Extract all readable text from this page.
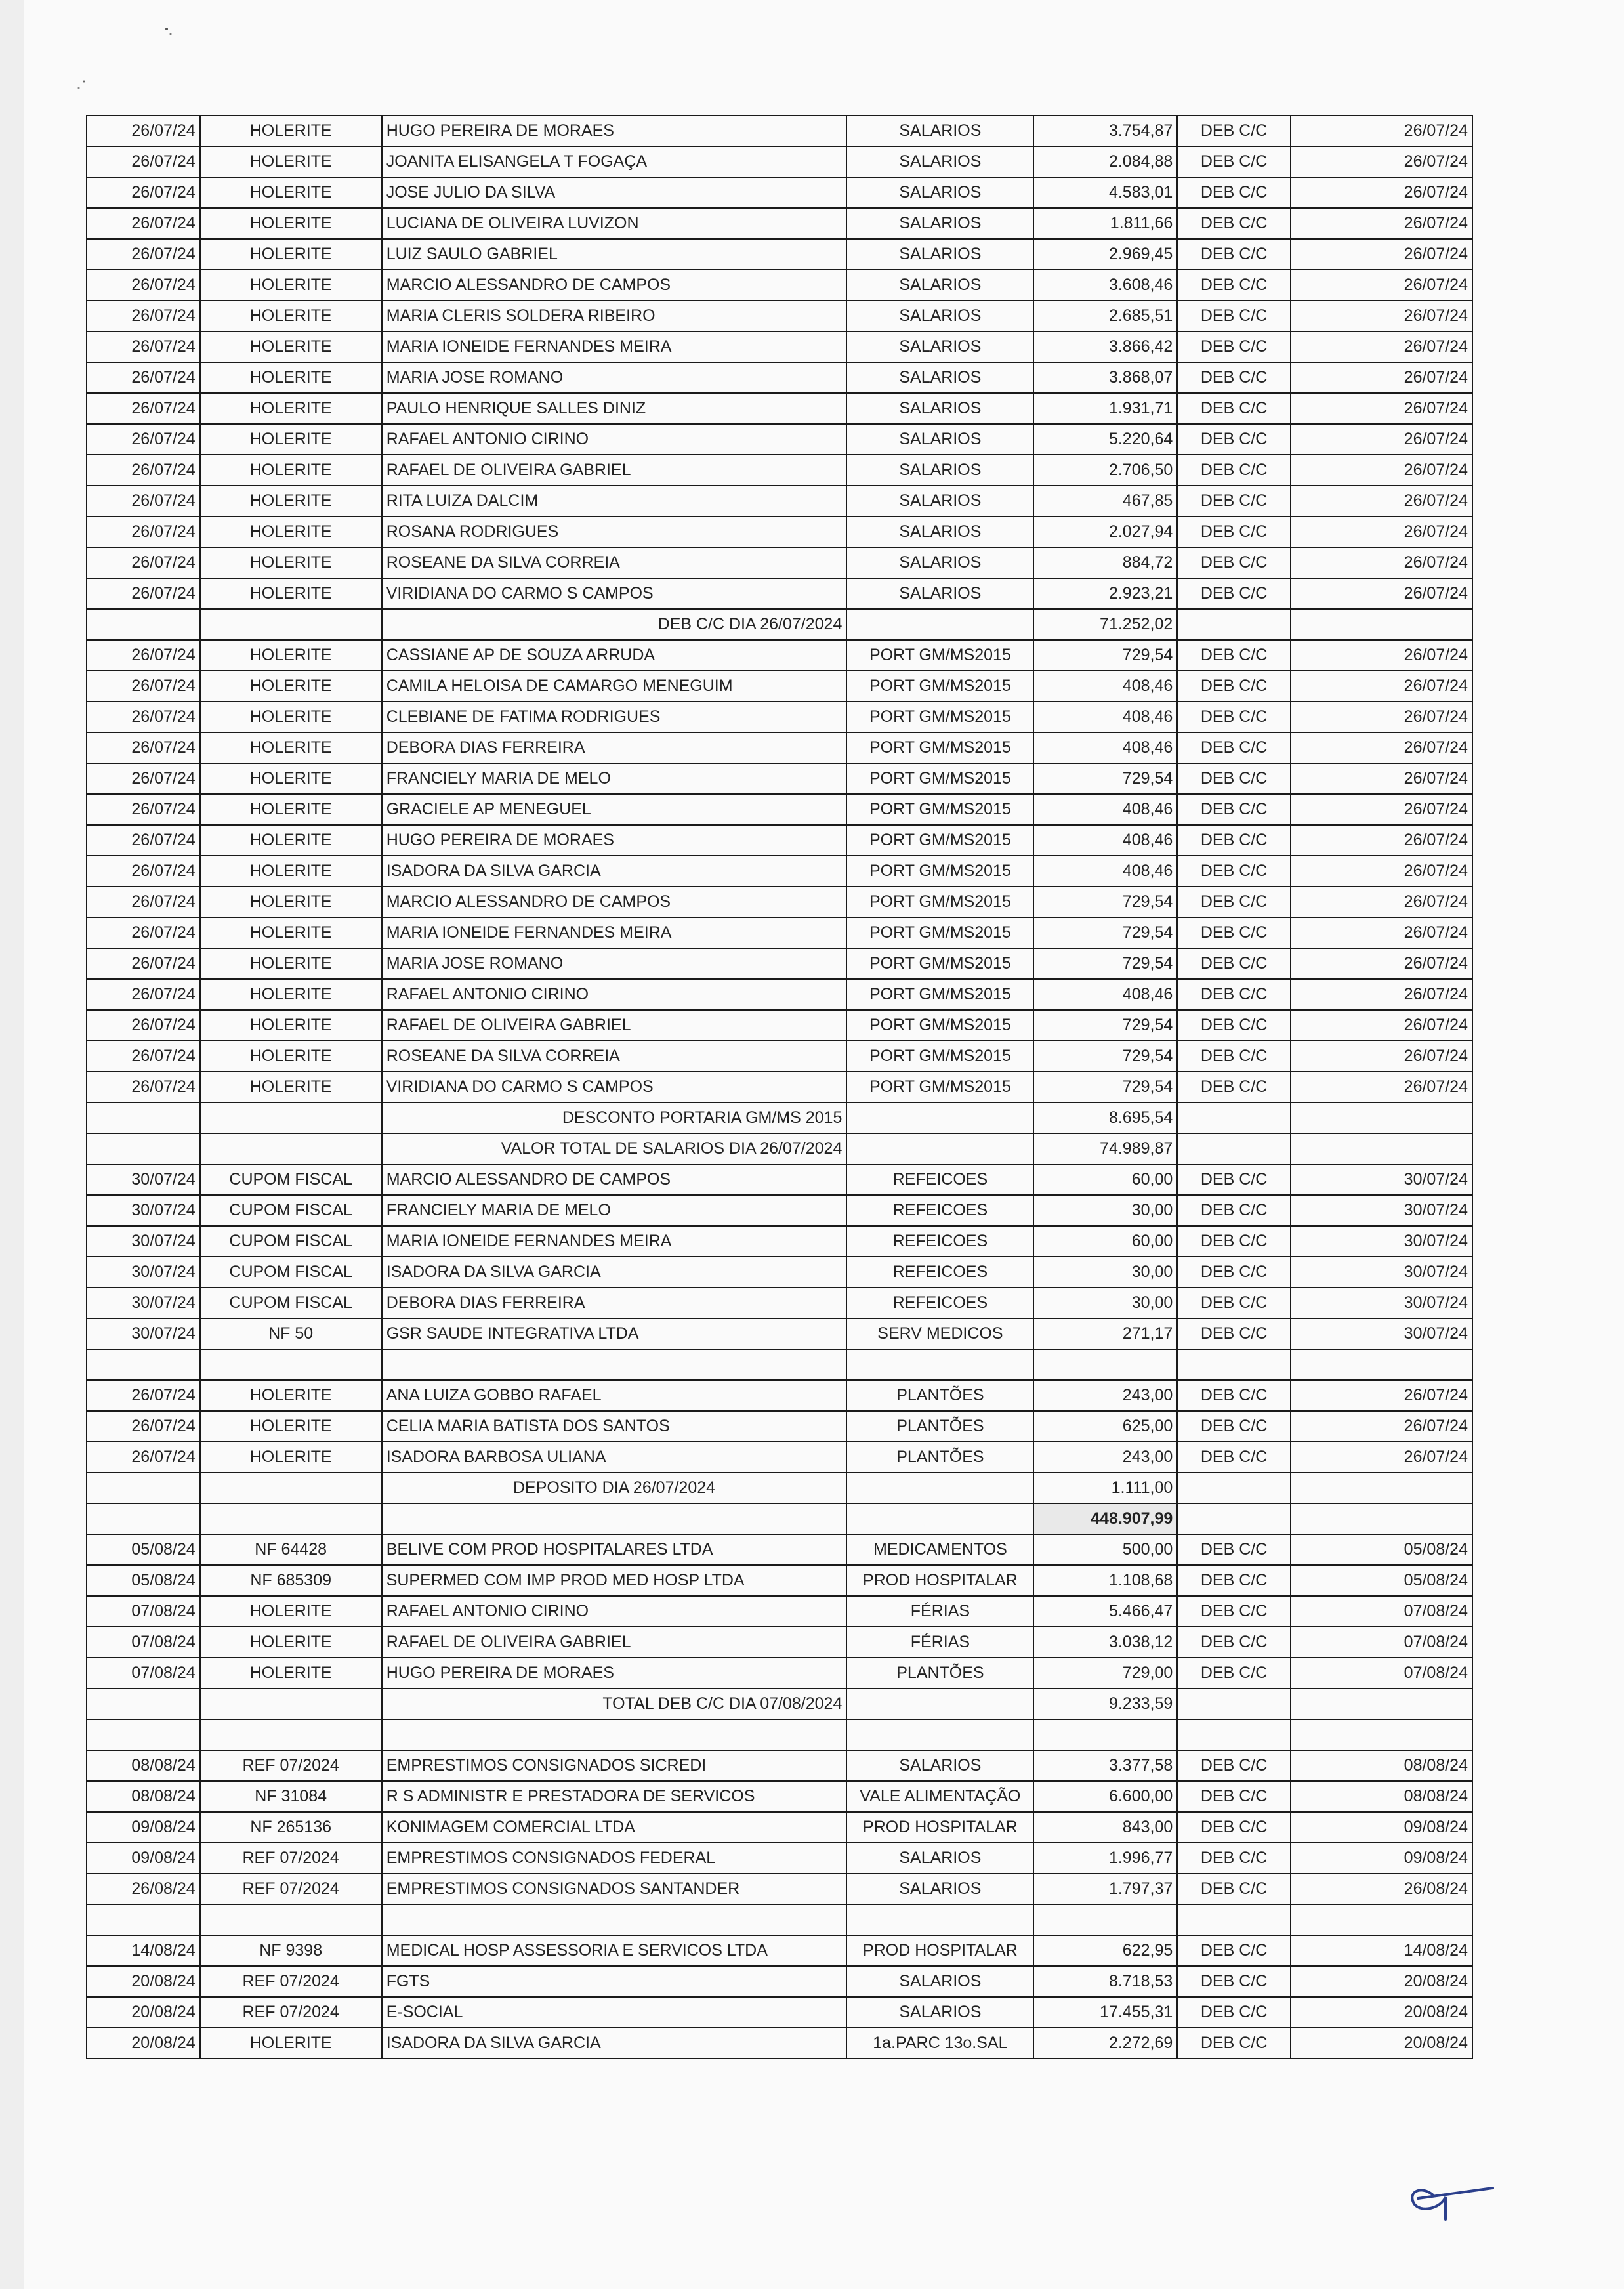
26/07/24	HOLERITE	HUGO PEREIRA DE MORAES	SALARIOS	3.754,87	DEB C/C	26/07/24
26/07/24	HOLERITE	JOANITA ELISANGELA T FOGAÇA	SALARIOS	2.084,88	DEB C/C	26/07/24
26/07/24	HOLERITE	JOSE JULIO DA SILVA	SALARIOS	4.583,01	DEB C/C	26/07/24
26/07/24	HOLERITE	LUCIANA DE OLIVEIRA LUVIZON	SALARIOS	1.811,66	DEB C/C	26/07/24
26/07/24	HOLERITE	LUIZ SAULO GABRIEL	SALARIOS	2.969,45	DEB C/C	26/07/24
26/07/24	HOLERITE	MARCIO ALESSANDRO DE CAMPOS	SALARIOS	3.608,46	DEB C/C	26/07/24
26/07/24	HOLERITE	MARIA CLERIS SOLDERA RIBEIRO	SALARIOS	2.685,51	DEB C/C	26/07/24
26/07/24	HOLERITE	MARIA IONEIDE FERNANDES MEIRA	SALARIOS	3.866,42	DEB C/C	26/07/24
26/07/24	HOLERITE	MARIA JOSE ROMANO	SALARIOS	3.868,07	DEB C/C	26/07/24
26/07/24	HOLERITE	PAULO HENRIQUE SALLES DINIZ	SALARIOS	1.931,71	DEB C/C	26/07/24
26/07/24	HOLERITE	RAFAEL ANTONIO CIRINO	SALARIOS	5.220,64	DEB C/C	26/07/24
26/07/24	HOLERITE	RAFAEL DE OLIVEIRA GABRIEL	SALARIOS	2.706,50	DEB C/C	26/07/24
26/07/24	HOLERITE	RITA LUIZA DALCIM	SALARIOS	467,85	DEB C/C	26/07/24
26/07/24	HOLERITE	ROSANA RODRIGUES	SALARIOS	2.027,94	DEB C/C	26/07/24
26/07/24	HOLERITE	ROSEANE DA SILVA CORREIA	SALARIOS	884,72	DEB C/C	26/07/24
26/07/24	HOLERITE	VIRIDIANA DO CARMO S CAMPOS	SALARIOS	2.923,21	DEB C/C	26/07/24
		DEB C/C DIA 26/07/2024		71.252,02		
26/07/24	HOLERITE	CASSIANE AP DE SOUZA ARRUDA	PORT GM/MS2015	729,54	DEB C/C	26/07/24
26/07/24	HOLERITE	CAMILA HELOISA DE CAMARGO MENEGUIM	PORT GM/MS2015	408,46	DEB C/C	26/07/24
26/07/24	HOLERITE	CLEBIANE DE FATIMA RODRIGUES	PORT GM/MS2015	408,46	DEB C/C	26/07/24
26/07/24	HOLERITE	DEBORA DIAS FERREIRA	PORT GM/MS2015	408,46	DEB C/C	26/07/24
26/07/24	HOLERITE	FRANCIELY MARIA DE MELO	PORT GM/MS2015	729,54	DEB C/C	26/07/24
26/07/24	HOLERITE	GRACIELE AP MENEGUEL	PORT GM/MS2015	408,46	DEB C/C	26/07/24
26/07/24	HOLERITE	HUGO PEREIRA DE MORAES	PORT GM/MS2015	408,46	DEB C/C	26/07/24
26/07/24	HOLERITE	ISADORA DA SILVA GARCIA	PORT GM/MS2015	408,46	DEB C/C	26/07/24
26/07/24	HOLERITE	MARCIO ALESSANDRO DE CAMPOS	PORT GM/MS2015	729,54	DEB C/C	26/07/24
26/07/24	HOLERITE	MARIA IONEIDE FERNANDES MEIRA	PORT GM/MS2015	729,54	DEB C/C	26/07/24
26/07/24	HOLERITE	MARIA JOSE ROMANO	PORT GM/MS2015	729,54	DEB C/C	26/07/24
26/07/24	HOLERITE	RAFAEL ANTONIO CIRINO	PORT GM/MS2015	408,46	DEB C/C	26/07/24
26/07/24	HOLERITE	RAFAEL DE OLIVEIRA GABRIEL	PORT GM/MS2015	729,54	DEB C/C	26/07/24
26/07/24	HOLERITE	ROSEANE DA SILVA CORREIA	PORT GM/MS2015	729,54	DEB C/C	26/07/24
26/07/24	HOLERITE	VIRIDIANA DO CARMO S CAMPOS	PORT GM/MS2015	729,54	DEB C/C	26/07/24
		DESCONTO PORTARIA GM/MS 2015		8.695,54		
		VALOR TOTAL DE SALARIOS DIA 26/07/2024		74.989,87		
30/07/24	CUPOM FISCAL	MARCIO ALESSANDRO DE CAMPOS	REFEICOES	60,00	DEB C/C	30/07/24
30/07/24	CUPOM FISCAL	FRANCIELY MARIA DE MELO	REFEICOES	30,00	DEB C/C	30/07/24
30/07/24	CUPOM FISCAL	MARIA IONEIDE FERNANDES MEIRA	REFEICOES	60,00	DEB C/C	30/07/24
30/07/24	CUPOM FISCAL	ISADORA DA SILVA GARCIA	REFEICOES	30,00	DEB C/C	30/07/24
30/07/24	CUPOM FISCAL	DEBORA DIAS FERREIRA	REFEICOES	30,00	DEB C/C	30/07/24
30/07/24	NF 50	GSR SAUDE INTEGRATIVA LTDA	SERV MEDICOS	271,17	DEB C/C	30/07/24

26/07/24	HOLERITE	ANA LUIZA GOBBO RAFAEL	PLANTÕES	243,00	DEB C/C	26/07/24
26/07/24	HOLERITE	CELIA MARIA BATISTA DOS SANTOS	PLANTÕES	625,00	DEB C/C	26/07/24
26/07/24	HOLERITE	ISADORA BARBOSA ULIANA	PLANTÕES	243,00	DEB C/C	26/07/24
		DEPOSITO DIA 26/07/2024		1.111,00		
				448.907,99		
05/08/24	NF 64428	BELIVE COM PROD HOSPITALARES LTDA	MEDICAMENTOS	500,00	DEB C/C	05/08/24
05/08/24	NF 685309	SUPERMED COM IMP PROD MED HOSP LTDA	PROD HOSPITALAR	1.108,68	DEB C/C	05/08/24
07/08/24	HOLERITE	RAFAEL ANTONIO CIRINO	FÉRIAS	5.466,47	DEB C/C	07/08/24
07/08/24	HOLERITE	RAFAEL DE OLIVEIRA GABRIEL	FÉRIAS	3.038,12	DEB C/C	07/08/24
07/08/24	HOLERITE	HUGO PEREIRA DE MORAES	PLANTÕES	729,00	DEB C/C	07/08/24
		TOTAL DEB C/C DIA 07/08/2024		9.233,59		

08/08/24	REF 07/2024	EMPRESTIMOS CONSIGNADOS SICREDI	SALARIOS	3.377,58	DEB C/C	08/08/24
08/08/24	NF 31084	R S ADMINISTR E PRESTADORA DE SERVICOS	VALE ALIMENTAÇÃO	6.600,00	DEB C/C	08/08/24
09/08/24	NF 265136	KONIMAGEM COMERCIAL LTDA	PROD HOSPITALAR	843,00	DEB C/C	09/08/24
09/08/24	REF 07/2024	EMPRESTIMOS CONSIGNADOS FEDERAL	SALARIOS	1.996,77	DEB C/C	09/08/24
26/08/24	REF 07/2024	EMPRESTIMOS CONSIGNADOS SANTANDER	SALARIOS	1.797,37	DEB C/C	26/08/24

14/08/24	NF 9398	MEDICAL HOSP ASSESSORIA E SERVICOS LTDA	PROD HOSPITALAR	622,95	DEB C/C	14/08/24
20/08/24	REF 07/2024	FGTS	SALARIOS	8.718,53	DEB C/C	20/08/24
20/08/24	REF 07/2024	E-SOCIAL	SALARIOS	17.455,31	DEB C/C	20/08/24
20/08/24	HOLERITE	ISADORA DA SILVA GARCIA	1a.PARC 13o.SAL	2.272,69	DEB C/C	20/08/24
